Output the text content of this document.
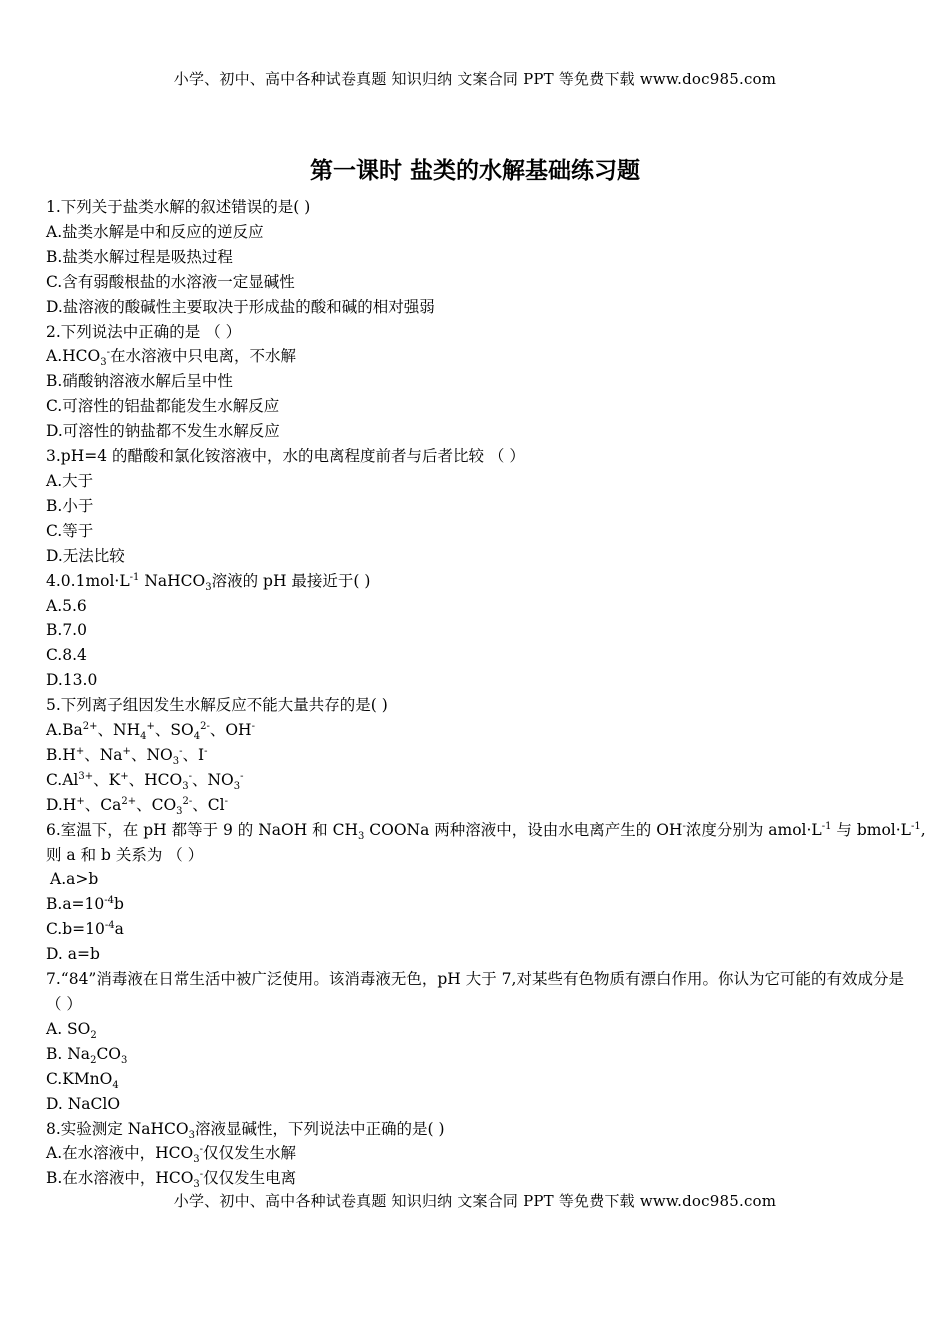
小学、初中、高中各种试卷真题 知识归纳 文案合同 PPT 等免费下载 www.doc985.com
第一课时 盐类的水解基础练习题
1.下列关于盐类水解的叙述错误的是( )
A.盐类水解是中和反应的逆反应
B.盐类水解过程是吸热过程
C.含有弱酸根盐的水溶液一定显碱性
D.盐溶液的酸碱性主要取决于形成盐的酸和碱的相对强弱
2.下列说法中正确的是 （ ）
$A.HCO_3^-$在水溶液中只电离，不水解
B.硝酸钠溶液水解后呈中性
C.可溶性的铝盐都能发生水解反应
D.可溶性的钠盐都不发生水解反应
3.pH=4 的醋酸和氯化铵溶液中，水的电离程度前者与后者比较 （ ）
A.大于
B.小于
C.等于
D.无法比较
$4.0.1mol\cdot L^{-1}$ NaHCO$_3$溶液的 pH 最接近于( )
A.5.6
B.7.0
C.8.4
D.13.0
5.下列离子组因发生水解反应不能大量共存的是( )
$A.Ba^{2+}$、$NH_4^+$、$SO_4^{2-}$、OH-
B.H+、Na+、$NO_3^-$、I-
$C.Al^{3+}$、K+、$HCO_3^-$、$NO_3^-$
D.H+、$Ca^{2+}$、$CO_3^{2-}$、Cl-
6.室温下，在 pH 都等于 9 的 NaOH 和 $CH_3$ COONa 两种溶液中，设由水电离产生的 OH-浓度分别为 $amol\cdot L^{-1}$ 与 $bmol\cdot L^{-1}$,
则 a 和 b 关系为 （ ）
A.a>b
$B.a=10^{-4}b$
$C.b=10^{-4}a$
D. a=b
7.“84”消毒液在日常生活中被广泛使用。该消毒液无色，pH 大于 7,对某些有色物质有漂白作用。你认为它可能的有效成分是 （ ）
A. $SO_2$
B. $Na_2CO_3$
C.KMnO$_4$
D. NaClO
8.实验测定 NaHCO$_3$溶液显碱性，下列说法中正确的是( )
A.在水溶液中，$HCO_3^-$仅仅发生水解
B.在水溶液中，$HCO_3^-$仅仅发生电离
小学、初中、高中各种试卷真题 知识归纳 文案合同 PPT 等免费下载 www.doc985.com
